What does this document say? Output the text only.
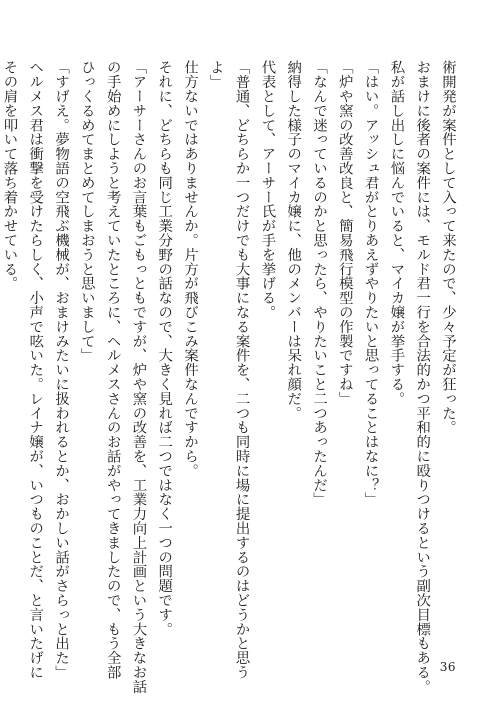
術開発が案件として入って来たので、少々予定が狂った。

おまけに後者の案件には、モルド君一行を合法的かつ平和的に殴りつけるという副次目標もある。

私が話し出しに悩んでいると、マイカ嬢が挙手する。

「はい。アッシュ君がとりあえずやりたいと思ってることはなに？」

「炉や窯の改善改良と、簡易飛行模型の作製ですね」

「なんで迷っているのかと思ったら、やりたいこと二つあったんだ」

納得した様子のマイカ嬢に、他のメンバーは呆れ顔だ。

代表として、アーサー氏が手を挙げる。

「普通、どちらか一つだけでも大事になる案件を、二つも同時に場に提出するのはどうかと思う

よ」

仕方ないではありませんか。片方が飛びこみ案件なんですから。

それに、どちらも同じ工業分野の話なので、大きく見れば二つではなく一つの問題です。

「アーサーさんのお言葉もごもっともですが、炉や窯の改善を、工業力向上計画という大きなお話

の手始めにしようと考えていたところに、ヘルメスさんのお話がやってきましたので、もう全部

ひっくるめてまとめてしまおうと思いまして」

「すげえ。夢物語の空飛ぶ機械が、おまけみたいに扱われるとか、おかしい話がさらっと出た」

ヘルメス君は衝撃を受けたらしく、小声で呟いた。レイナ嬢が、いつものことだ、と言いたげに

その肩を叩いて落ち着かせている。

36
